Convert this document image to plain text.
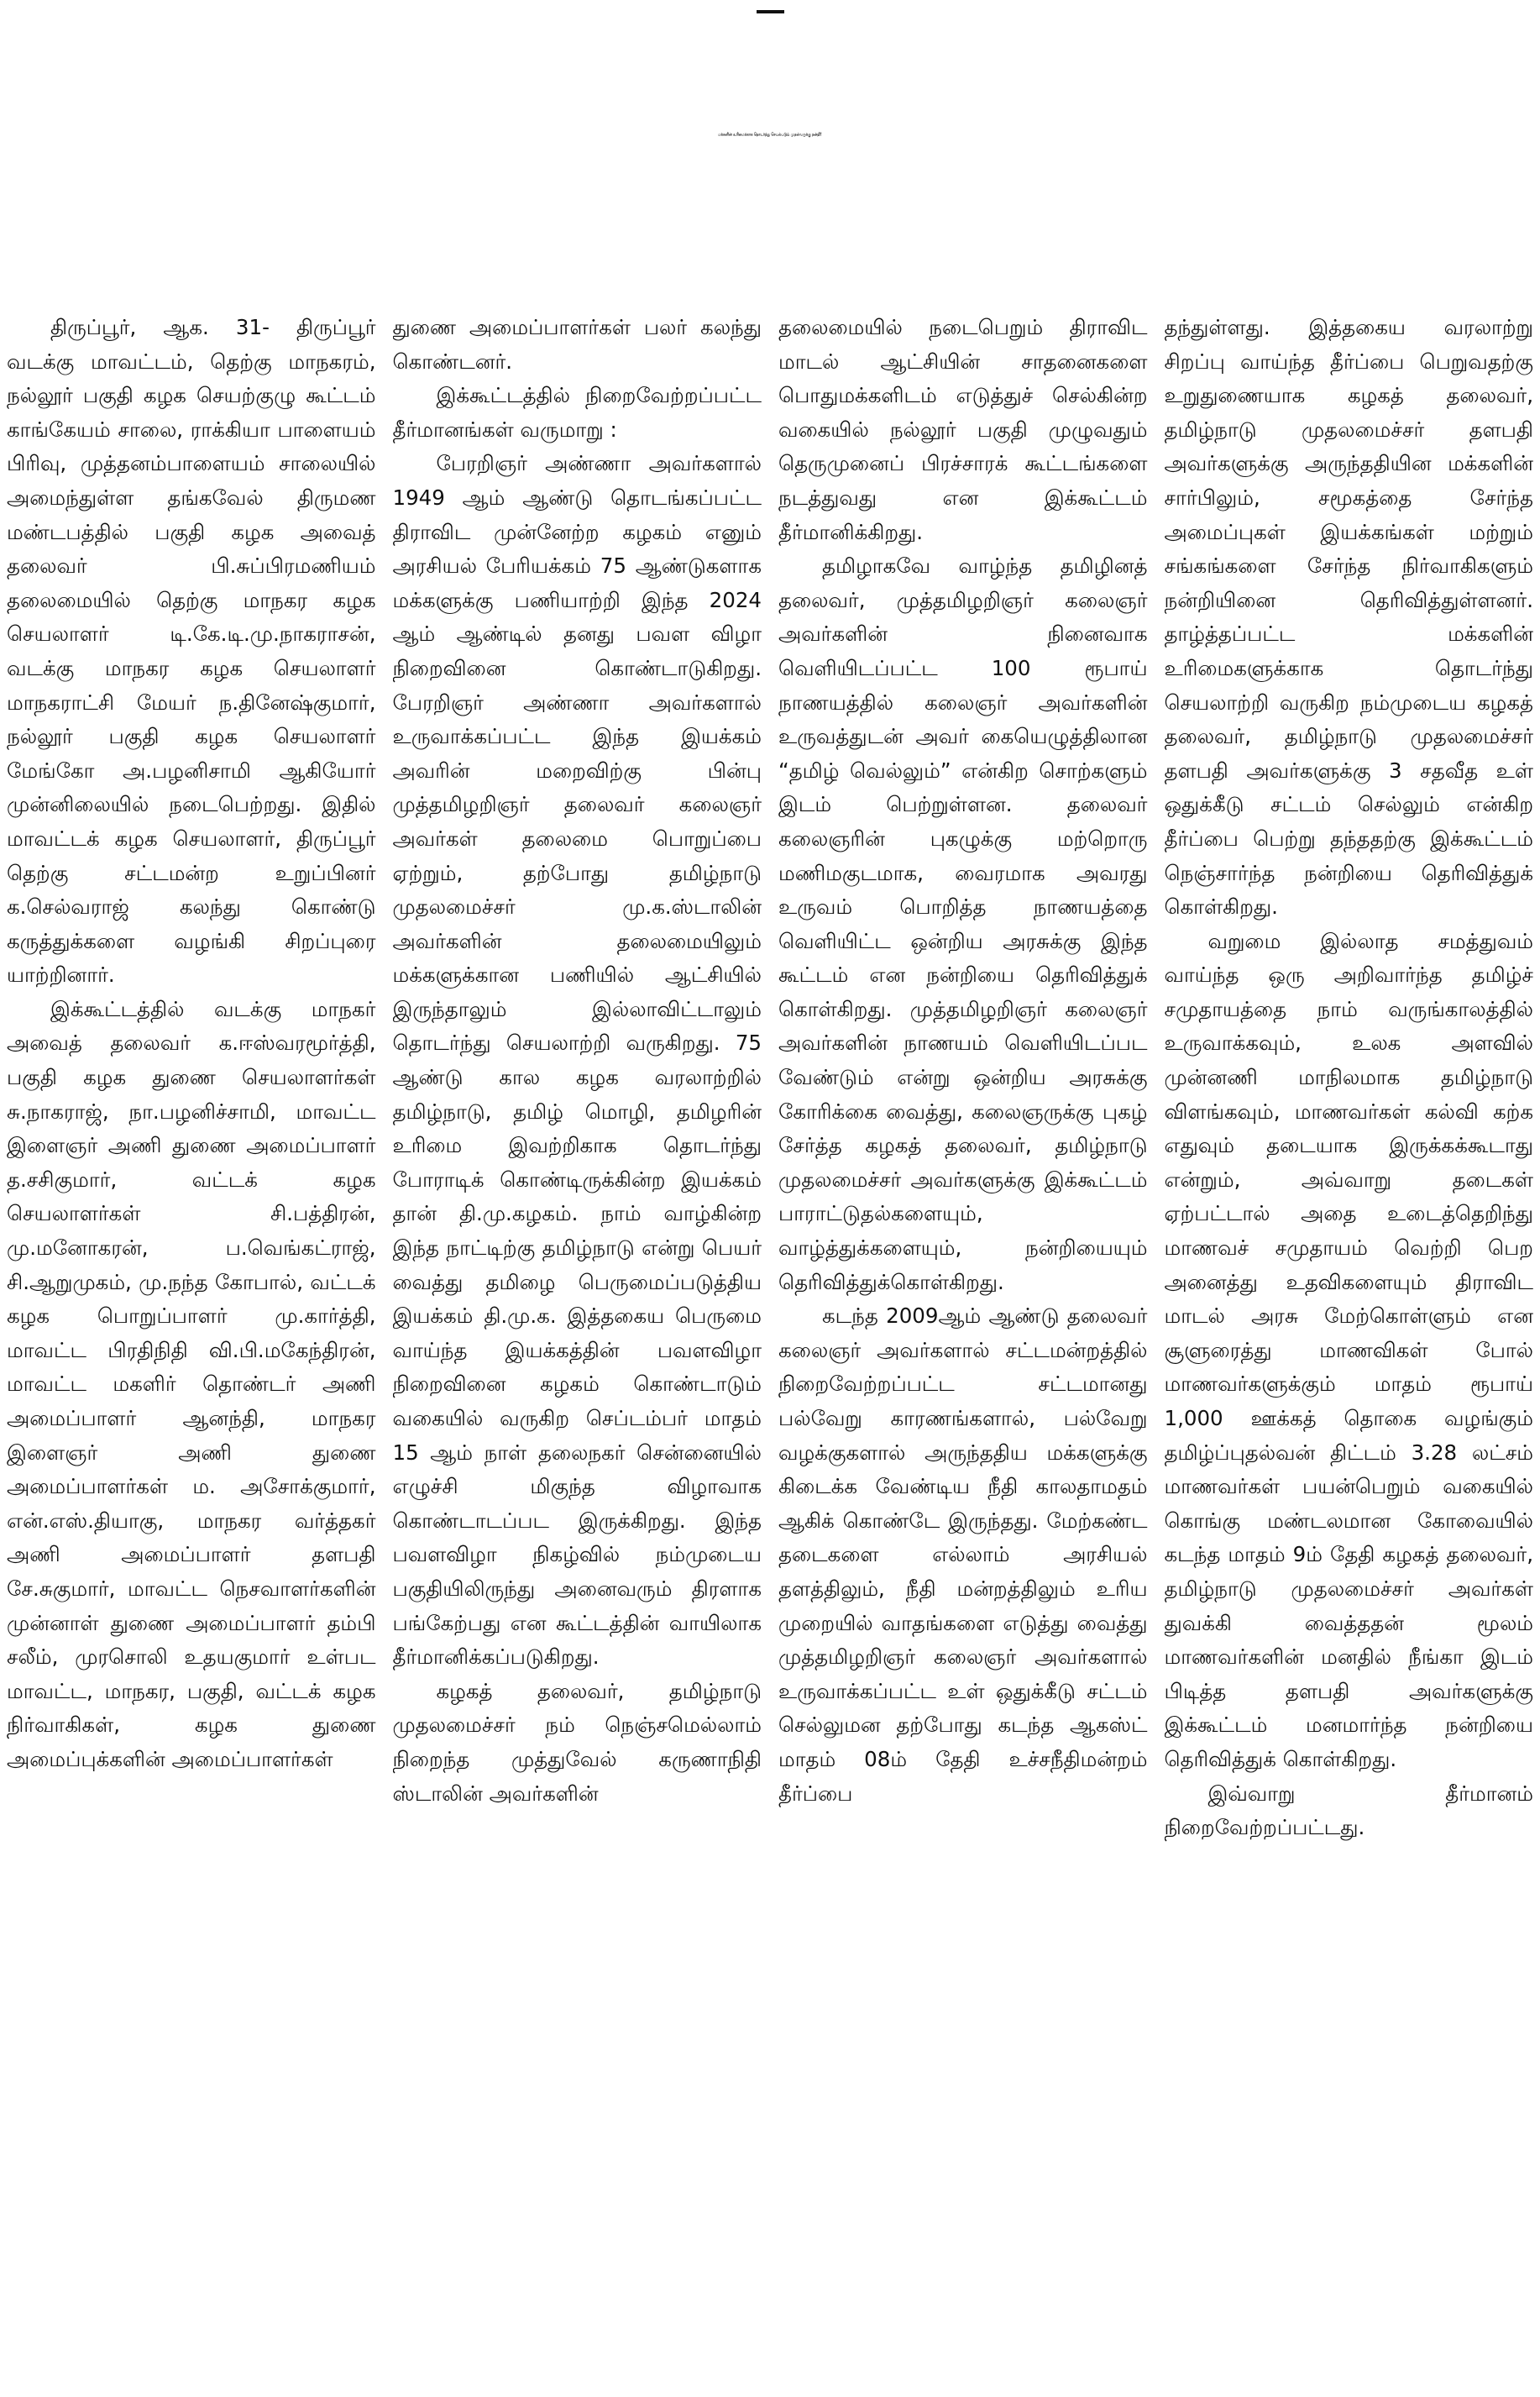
மக்களின் உரிமைக்காக தொடர்ந்து செயல்படும் முதல்வருக்கு நன்றி!

திருப்பூர், ஆக. 31- திருப்பூர் வடக்கு மாவட்டம், தெற்கு மாநகரம், நல்லூர் பகுதி கழக செயற்குழு கூட்டம் காங்கேயம் சாலை, ராக்கியா பாளையம் பிரிவு, முத்தனம்பாளையம் சாலையில் அமைந்துள்ள தங்கவேல் திருமண மண்டபத்தில் பகுதி கழக அவைத் தலைவர் பி.சுப்பிரமணியம் தலைமையில் தெற்கு மாநகர கழக செயலாளர் டி.கே.டி.மு.நாகராசன், வடக்கு மாநகர கழக செயலாளர் மாநகராட்சி மேயர் ந.தினேஷ்குமார், நல்லூர் பகுதி கழக செயலாளர் மேங்கோ அ.பழனிசாமி ஆகியோர் முன்னிலையில் நடைபெற்றது. இதில் மாவட்டக் கழக செயலாளர், திருப்பூர் தெற்கு சட்டமன்ற உறுப்பினர் க.செல்வராஜ் கலந்து கொண்டு கருத்துக்களை வழங்கி சிறப்புரை யாற்றினார்.

இக்கூட்டத்தில் வடக்கு மாநகர் அவைத் தலைவர் க.ஈஸ்வரமூர்த்தி, பகுதி கழக துணை செயலாளர்கள் சு.நாகராஜ், நா.பழனிச்சாமி, மாவட்ட இளைஞர் அணி துணை அமைப்பாளர் த.சசிகுமார், வட்டக் கழக செயலாளர்கள் சி.பத்திரன், மு.மனோகரன், ப.வெங்கட்ராஜ், சி.ஆறுமுகம், மு.நந்த கோபால், வட்டக் கழக பொறுப்பாளர் மு.கார்த்தி, மாவட்ட பிரதிநிதி வி.பி.மகேந்திரன், மாவட்ட மகளிர் தொண்டர் அணி அமைப்பாளர் ஆனந்தி, மாநகர இளைஞர் அணி துணை அமைப்பாளர்கள் ம. அசோக்குமார், என்.எஸ்.தியாகு, மாநகர வர்த்தகர் அணி அமைப்பாளர் தளபதி சே.சுகுமார், மாவட்ட நெசவாளர்களின் முன்னாள் துணை அமைப்பாளர் தம்பி சலீம், முரசொலி உதயகுமார் உள்பட மாவட்ட, மாநகர, பகுதி, வட்டக் கழக நிர்வாகிகள், கழக துணை அமைப்புக்களின் அமைப்பாளர்கள்

துணை அமைப்பாளர்கள் பலர் கலந்து கொண்டனர்.

இக்கூட்டத்தில் நிறைவேற்றப்பட்ட தீர்மானங்கள் வருமாறு :

பேரறிஞர் அண்ணா அவர்களால் 1949 ஆம் ஆண்டு தொடங்கப்பட்ட திராவிட முன்னேற்ற கழகம் எனும் அரசியல் பேரியக்கம் 75 ஆண்டுகளாக மக்களுக்கு பணியாற்றி இந்த 2024 ஆம் ஆண்டில் தனது பவள விழா நிறைவினை கொண்டாடுகிறது. பேரறிஞர் அண்ணா அவர்களால் உருவாக்கப்பட்ட இந்த இயக்கம் அவரின் மறைவிற்கு பின்பு முத்தமிழறிஞர் தலைவர் கலைஞர் அவர்கள் தலைமை பொறுப்பை ஏற்றும், தற்போது தமிழ்நாடு முதலமைச்சர் மு.க.ஸ்டாலின் அவர்களின் தலைமையிலும் மக்களுக்கான பணியில் ஆட்சியில் இருந்தாலும் இல்லாவிட்டாலும் தொடர்ந்து செயலாற்றி வருகிறது. 75 ஆண்டு கால கழக வரலாற்றில் தமிழ்நாடு, தமிழ் மொழி, தமிழரின் உரிமை இவற்றிகாக தொடர்ந்து போராடிக் கொண்டிருக்கின்ற இயக்கம் தான் தி.மு.கழகம். நாம் வாழ்கின்ற இந்த நாட்டிற்கு தமிழ்நாடு என்று பெயர் வைத்து தமிழை பெருமைப்படுத்திய இயக்கம் தி.மு.க. இத்தகைய பெருமை வாய்ந்த இயக்கத்தின் பவளவிழா நிறைவினை கழகம் கொண்டாடும் வகையில் வருகிற செப்டம்பர் மாதம் 15 ஆம் நாள் தலைநகர் சென்னையில் எழுச்சி மிகுந்த விழாவாக கொண்டாடப்பட இருக்கிறது. இந்த பவளவிழா நிகழ்வில் நம்முடைய பகுதியிலிருந்து அனைவரும் திரளாக பங்கேற்பது என கூட்டத்தின் வாயிலாக தீர்மானிக்கப்படுகிறது.

கழகத் தலைவர், தமிழ்நாடு முதலமைச்சர் நம் நெஞ்சமெல்லாம் நிறைந்த முத்துவேல் கருணாநிதி ஸ்டாலின் அவர்களின்

தலைமையில் நடைபெறும் திராவிட மாடல் ஆட்சியின் சாதனைகளை பொதுமக்களிடம் எடுத்துச் செல்கின்ற வகையில் நல்லூர் பகுதி முழுவதும் தெருமுனைப் பிரச்சாரக் கூட்டங்களை நடத்துவது என இக்கூட்டம் தீர்மானிக்கிறது.

தமிழாகவே வாழ்ந்த தமிழினத் தலைவர், முத்தமிழறிஞர் கலைஞர் அவர்களின் நினைவாக வெளியிடப்பட்ட 100 ரூபாய் நாணயத்தில் கலைஞர் அவர்களின் உருவத்துடன் அவர் கையெழுத்திலான “தமிழ் வெல்லும்” என்கிற சொற்களும் இடம் பெற்றுள்ளன. தலைவர் கலைஞரின் புகழுக்கு மற்றொரு மணிமகுடமாக, வைரமாக அவரது உருவம் பொறித்த நாணயத்தை வெளியிட்ட ஒன்றிய அரசுக்கு இந்த கூட்டம் என நன்றியை தெரிவித்துக் கொள்கிறது. முத்தமிழறிஞர் கலைஞர் அவர்களின் நாணயம் வெளியிடப்பட வேண்டும் என்று ஒன்றிய அரசுக்கு கோரிக்கை வைத்து, கலைஞருக்கு புகழ் சேர்த்த கழகத் தலைவர், தமிழ்நாடு முதலமைச்சர் அவர்களுக்கு இக்கூட்டம் பாராட்டுதல்களையும், வாழ்த்துக்களையும், நன்றியையும் தெரிவித்துக்கொள்கிறது.

கடந்த 2009ஆம் ஆண்டு தலைவர் கலைஞர் அவர்களால் சட்டமன்றத்தில் நிறைவேற்றப்பட்ட சட்டமானது பல்வேறு காரணங்களால், பல்வேறு வழக்குகளால் அருந்ததிய மக்களுக்கு கிடைக்க வேண்டிய நீதி காலதாமதம் ஆகிக் கொண்டே இருந்தது. மேற்கண்ட தடைகளை எல்லாம் அரசியல் தளத்திலும், நீதி மன்றத்திலும் உரிய முறையில் வாதங்களை எடுத்து வைத்து முத்தமிழறிஞர் கலைஞர் அவர்களால் உருவாக்கப்பட்ட உள் ஒதுக்கீடு சட்டம் செல்லுமன தற்போது கடந்த ஆகஸ்ட் மாதம் 08ம் தேதி உச்சநீதிமன்றம் தீர்ப்பை

தந்துள்ளது. இத்தகைய வரலாற்று சிறப்பு வாய்ந்த தீர்ப்பை பெறுவதற்கு உறுதுணையாக கழகத் தலைவர், தமிழ்நாடு முதலமைச்சர் தளபதி அவர்களுக்கு அருந்ததியின மக்களின் சார்பிலும், சமூகத்தை சேர்ந்த அமைப்புகள் இயக்கங்கள் மற்றும் சங்கங்களை சேர்ந்த நிர்வாகிகளும் நன்றியினை தெரிவித்துள்ளனர். தாழ்த்தப்பட்ட மக்களின் உரிமைகளுக்காக தொடர்ந்து செயலாற்றி வருகிற நம்முடைய கழகத் தலைவர், தமிழ்நாடு முதலமைச்சர் தளபதி அவர்களுக்கு 3 சதவீத உள் ஒதுக்கீடு சட்டம் செல்லும் என்கிற தீர்ப்பை பெற்று தந்ததற்கு இக்கூட்டம் நெஞ்சார்ந்த நன்றியை தெரிவித்துக் கொள்கிறது.

வறுமை இல்லாத சமத்துவம் வாய்ந்த ஒரு அறிவார்ந்த தமிழ்ச் சமுதாயத்தை நாம் வருங்காலத்தில் உருவாக்கவும், உலக அளவில் முன்னணி மாநிலமாக தமிழ்நாடு விளங்கவும், மாணவர்கள் கல்வி கற்க எதுவும் தடையாக இருக்கக்கூடாது என்றும், அவ்வாறு தடைகள் ஏற்பட்டால் அதை உடைத்தெறிந்து மாணவச் சமுதாயம் வெற்றி பெற அனைத்து உதவிகளையும் திராவிட மாடல் அரசு மேற்கொள்ளும் என சூளுரைத்து மாணவிகள் போல் மாணவர்களுக்கும் மாதம் ரூபாய் 1,000 ஊக்கத் தொகை வழங்கும் தமிழ்ப்புதல்வன் திட்டம் 3.28 லட்சம் மாணவர்கள் பயன்பெறும் வகையில் கொங்கு மண்டலமான கோவையில் கடந்த மாதம் 9ம் தேதி கழகத் தலைவர், தமிழ்நாடு முதலமைச்சர் அவர்கள் துவக்கி வைத்ததன் மூலம் மாணவர்களின் மனதில் நீங்கா இடம் பிடித்த தளபதி அவர்களுக்கு இக்கூட்டம் மனமார்ந்த நன்றியை தெரிவித்துக் கொள்கிறது.

இவ்வாறு தீர்மானம் நிறைவேற்றப்பட்டது.
